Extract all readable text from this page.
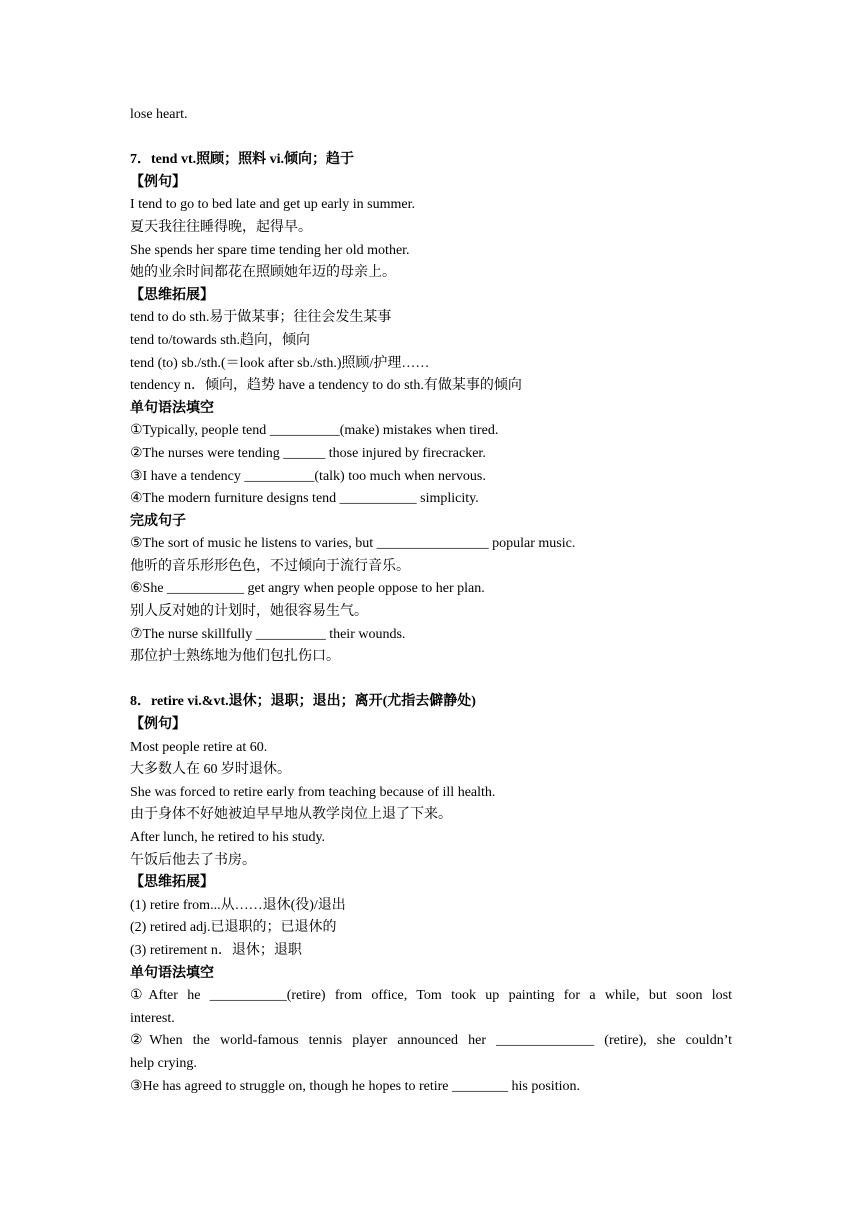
lose heart.
7．tend vt.照顾；照料 vi.倾向；趋于
【例句】
I tend to go to bed late and get up early in summer.
夏天我往往睡得晚，起得早。
She spends her spare time tending her old mother.
她的业余时间都花在照顾她年迈的母亲上。
【思维拓展】
tend to do sth.易于做某事；往往会发生某事
tend to/towards sth.趋向，倾向
tend (to) sb./sth.(＝look after sb./sth.)照顾/护理……
tendency n．倾向，趋势 have a tendency to do sth.有做某事的倾向
单句语法填空
①Typically, people tend __________(make) mistakes when tired.
②The nurses were tending ______ those injured by firecracker.
③I have a tendency __________(talk) too much when nervous.
④The modern furniture designs tend ___________ simplicity.
完成句子
⑤The sort of music he listens to varies, but ________________ popular music.
他听的音乐形形色色，不过倾向于流行音乐。
⑥She ___________ get angry when people oppose to her plan.
别人反对她的计划时，她很容易生气。
⑦The nurse skillfully __________ their wounds.
那位护士熟练地为他们包扎伤口。
8．retire vi.&vt.退休；退职；退出；离开(尤指去僻静处)
【例句】
Most people retire at 60.
大多数人在 60 岁时退休。
She was forced to retire early from teaching because of ill health.
由于身体不好她被迫早早地从教学岗位上退了下来。
After lunch, he retired to his study.
午饭后他去了书房。
【思维拓展】
(1) retire from...从……退休(役)/退出
(2) retired adj.已退职的；已退休的
(3) retirement n．退休；退职
单句语法填空
①After he ___________(retire) from office, Tom took up painting for a while, but soon lost
interest.
②When the world-famous tennis player announced her ______________ (retire), she couldn’t
help crying.
③He has agreed to struggle on, though he hopes to retire ________ his position.
